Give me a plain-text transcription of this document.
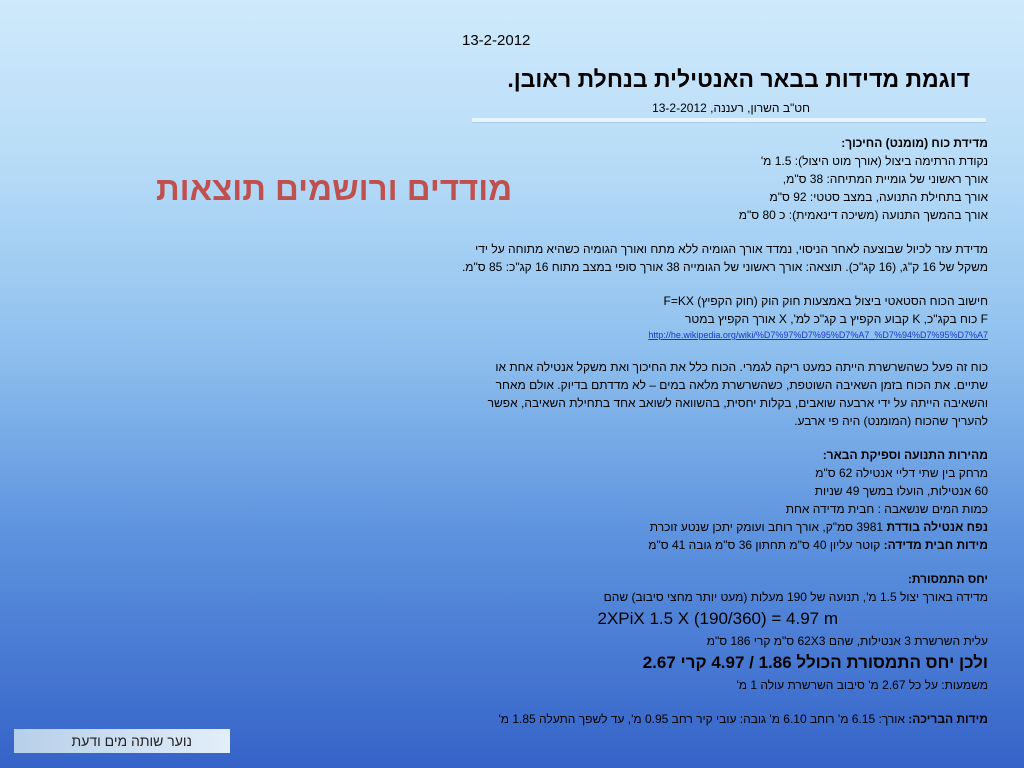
13-2-2012
דוגמת מדידות בבאר האנטילית בנחלת ראובן.
חט"ב השרון, רעננה, 13-2-2012
מודדים ורושמים תוצאות
מדידת כוח (מומנט) החיכוך:
נקודת הרתימה ביצול (אורך מוט היצול): 1.5 מ'
אורך ראשוני של גומיית המתיחה: 38 ס"מ,
אורך בתחילת התנועה, במצב סטטי: 92 ס"מ
אורך בהמשך התנועה (משיכה דינאמית): כ 80 ס"מ
מדידת עזר לכיול שבוצעה לאחר הניסוי, נמדד אורך הגומיה ללא מתח ואורך הגומיה כשהיא מתוחה על ידי משקל של 16 ק"ג, (16 קג"כ). תוצאה: אורך ראשוני של הגומייה 38 אורך סופי במצב מתוח 16 קג"כ: 85 ס"מ.
חישוב הכוח הסטאטי ביצול באמצעות חוק הוק (חוק הקפיץ) F=KX
F כוח בקג"כ, K קבוע הקפיץ ב קג"כ למ', X אורך הקפיץ במטר
http://he.wikipedia.org/wiki/%D7%97%D7%95%D7%A7_%D7%94%D7%95%D7%A7
כוח זה פעל כשהשרשרת הייתה כמעט ריקה לגמרי. הכוח כלל את החיכוך ואת משקל אנטילה אחת או שתיים. את הכוח בזמן השאיבה השוטפת, כשהשרשרת מלאה במים – לא מדדתם בדיוק. אולם מאחר והשאיבה הייתה על ידי ארבעה שואבים, בקלות יחסית, בהשוואה לשואב אחד בתחילת השאיבה, אפשר להעריך שהכוח (המומנט) היה פי ארבע.
מהירות התנועה וספיקת הבאר:
מרחק בין שתי דליי אנטילה 62 ס"מ
60 אנטילות, הועלו במשך 49 שניות
כמות המים שנשאבה : חבית מדידה אחת
נפח אנטילה בודדת 3981 סמ"ק, אורך רוחב ועומק יתכן שנטע זוכרת
מידות חבית מדידה: קוטר עליון 40 ס"מ תחתון 36 ס"מ גובה 41 ס"מ
יחס התמסורת:
מדידה באורך יצול 1.5 מ', תנועה של 190 מעלות (מעט יותר מחצי סיבוב) שהם
2XPiX 1.5 X (190/360) = 4.97 m
עלית השרשרת 3 אנטילות, שהם 62X3 ס"מ קרי 186 ס"מ
ולכן יחס התמסורת הכולל 1.86 / 4.97 קרי 2.67
משמעות: על כל 2.67 מ' סיבוב השרשרת עולה 1 מ'
מידות הבריכה: אורך: 6.15 מ' רוחב 6.10 מ' גובה: עובי קיר רחב 0.95 מ', עד לשפך התעלה 1.85 מ'
נוער שותה מים ודעת
